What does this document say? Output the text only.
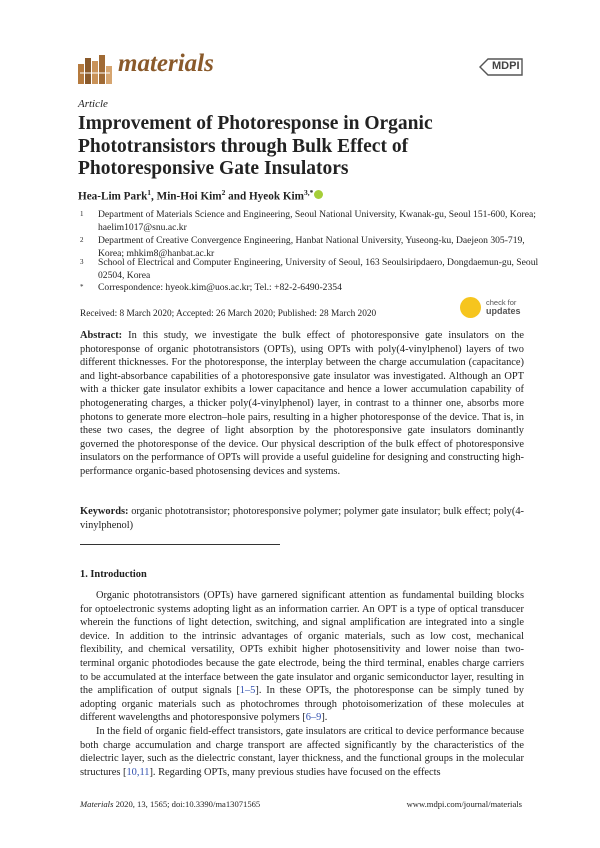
materials	MDPI
Article
Improvement of Photoresponse in Organic Phototransistors through Bulk Effect of Photoresponsive Gate Insulators
Hea-Lim Park$^1$, Min-Hoi Kim$^2$ and Hyeok Kim$^{3,*}$
1 Department of Materials Science and Engineering, Seoul National University, Kwanak-gu, Seoul 151-600, Korea; haelim1017@snu.ac.kr
2 Department of Creative Convergence Engineering, Hanbat National University, Yuseong-ku, Daejeon 305-719, Korea; mhkim8@hanbat.ac.kr
3 School of Electrical and Computer Engineering, University of Seoul, 163 Seoulsiripdaero, Dongdaemun-gu, Seoul 02504, Korea
* Correspondence: hyeok.kim@uos.ac.kr; Tel.: +82-2-6490-2354
Received: 8 March 2020; Accepted: 26 March 2020; Published: 28 March 2020
check for
updates
Abstract: In this study, we investigate the bulk effect of photoresponsive gate insulators on the photoresponse of organic phototransistors (OPTs), using OPTs with poly(4-vinylphenol) layers of two different thicknesses. For the photoresponse, the interplay between the charge accumulation (capacitance) and light-absorbance capabilities of a photoresponsive gate insulator was investigated. Although an OPT with a thicker gate insulator exhibits a lower capacitance and hence a lower accumulation capability of photogenerating charges, a thicker poly(4-vinylphenol) layer, in contrast to a thinner one, absorbs more photons to generate more electron–hole pairs, resulting in a higher photoresponse of the device. That is, in these two cases, the degree of light absorption by the photoresponsive gate insulators dominantly governed the photoresponse of the device. Our physical description of the bulk effect of photoresponsive insulators on the performance of OPTs will provide a useful guideline for designing and constructing high-performance organic-based photosensing devices and systems.
Keywords: organic phototransistor; photoresponsive polymer; polymer gate insulator; bulk effect; poly(4-vinylphenol)
1. Introduction

Organic phototransistors (OPTs) have garnered significant attention as fundamental building blocks for optoelectronic systems adopting light as an information carrier. An OPT is a type of optical transducer wherein the functions of light detection, switching, and signal amplification are integrated into a single device. In addition to the intrinsic advantages of organic materials, such as low cost, mechanical flexibility, and chemical versatility, OPTs exhibit higher photosensitivity and lower noise than two-terminal organic photodiodes because the gate electrode, being the third terminal, enables charge carriers to be accumulated at the interface between the gate insulator and organic semiconductor layer, resulting in the amplification of output signals [1–5]. In these OPTs, the photoresponse can be simply tuned by adopting organic materials such as photochromes through photoisomerization of these molecules at different wavelengths and photoresponsive polymers [6–9].

In the field of organic field-effect transistors, gate insulators are critical to device performance because both charge accumulation and charge transport are affected significantly by the characteristics of the dielectric layer, such as the dielectric constant, layer thickness, and the functional groups in the molecular structures [10,11]. Regarding OPTs, many previous studies have focused on the effects

Materials 2020, 13, 1565; doi:10.3390/ma13071565	www.mdpi.com/journal/materials
